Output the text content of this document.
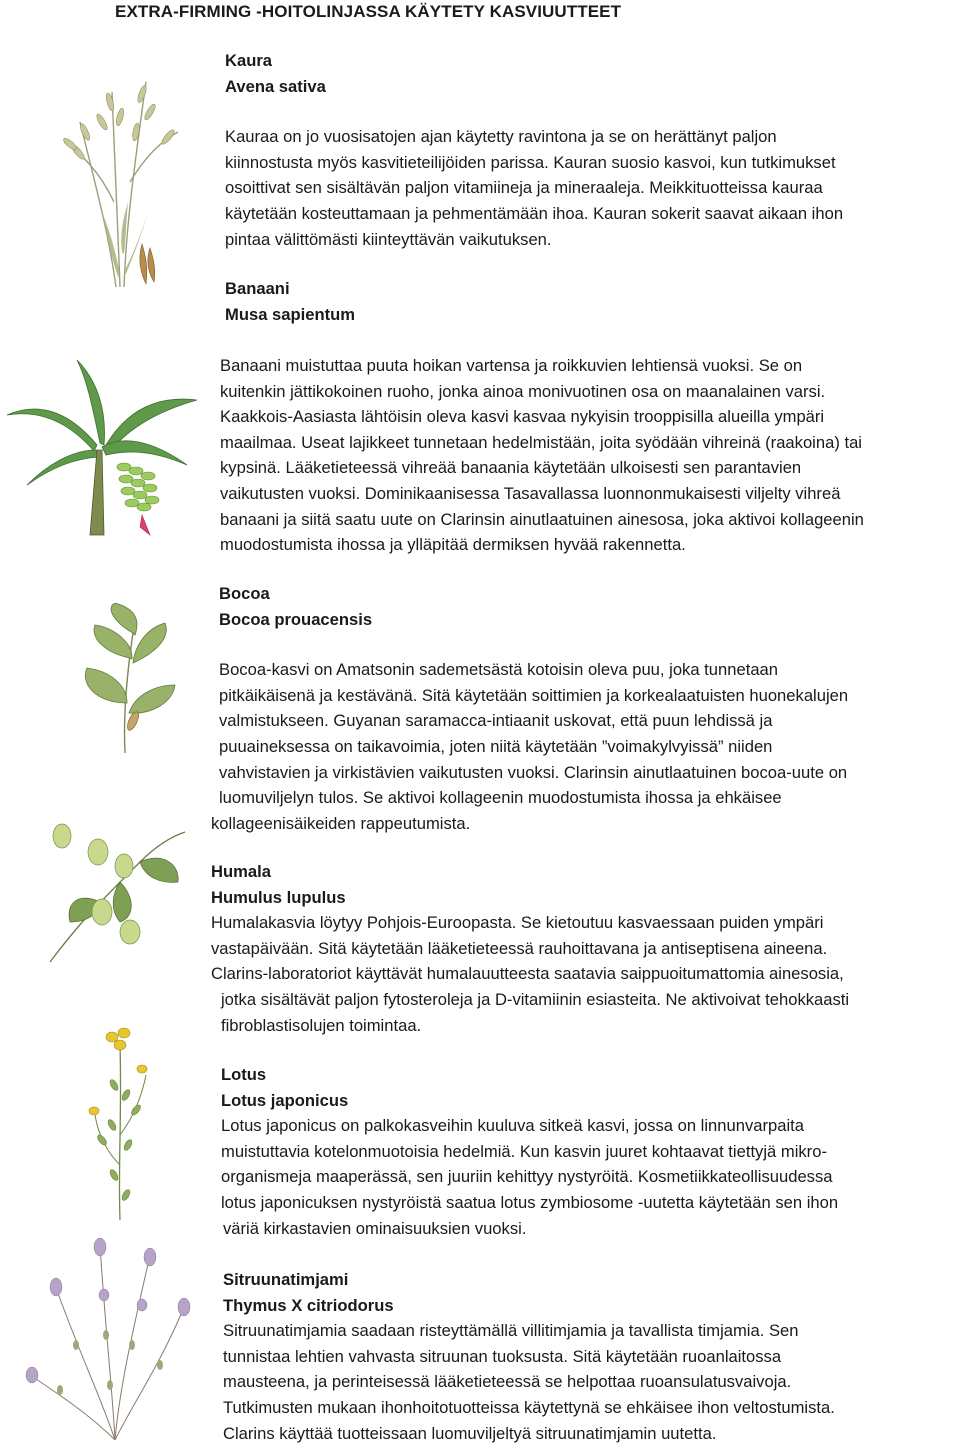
EXTRA-FIRMING -HOITOLINJASSA KÄYTETY KASVIUUTTEET
Kaura
Avena sativa

Kauraa on jo vuosisatojen ajan käytetty ravintona ja se on herättänyt paljon

kiinnostusta myös kasvitieteilijöiden parissa. Kauran suosio kasvoi, kun tutkimukset

osoittivat sen sisältävän paljon vitamiineja ja mineraaleja. Meikkituotteissa kauraa

käytetään kosteuttamaan ja pehmentämään ihoa. Kauran sokerit saavat aikaan ihon

pintaa välittömästi kiinteyttävän vaikutuksen.

Banaani
Musa sapientum

Banaani muistuttaa puuta hoikan vartensa ja roikkuvien lehtiensä vuoksi. Se on

kuitenkin jättikokoinen ruoho, jonka ainoa monivuotinen osa on maanalainen varsi.

Kaakkois-Aasiasta lähtöisin oleva kasvi kasvaa nykyisin trooppisilla alueilla ympäri

maailmaa. Useat lajikkeet tunnetaan hedelmistään, joita syödään vihreinä (raakoina) tai

kypsinä. Lääketieteessä vihreää banaania käytetään ulkoisesti sen parantavien

vaikutusten vuoksi. Dominikaanisessa Tasavallassa luonnonmukaisesti viljelty vihreä

banaani ja siitä saatu uute on Clarinsin ainutlaatuinen ainesosa, joka aktivoi kollageenin

muodostumista ihossa ja ylläpitää dermiksen hyvää rakennetta.

Bocoa
Bocoa prouacensis

Bocoa-kasvi on Amatsonin sademetsästä kotoisin oleva puu, joka tunnetaan

pitkäikäisenä ja kestävänä. Sitä käytetään soittimien ja korkealaatuisten huonekalujen

valmistukseen. Guyanan saramacca-intiaanit uskovat, että puun lehdissä ja

puuaineksessa on taikavoimia, joten niitä käytetään ”voimakylvyissä” niiden

vahvistavien ja virkistävien vaikutusten vuoksi. Clarinsin ainutlaatuinen bocoa-uute on

luomuviljelyn tulos. Se aktivoi kollageenin muodostumista ihossa ja ehkäisee

kollageenisäikeiden rappeutumista.

Humala
Humulus lupulus

Humalakasvia löytyy Pohjois-Euroopasta. Se kietoutuu kasvaessaan puiden ympäri

vastapäivään. Sitä käytetään lääketieteessä rauhoittavana ja antiseptisena aineena.

Clarins-laboratoriot käyttävät humalauutteesta saatavia saippuoitumattomia ainesosia,

jotka sisältävät paljon fytosteroleja ja D-vitamiinin esiasteita. Ne aktivoivat tehokkaasti

fibroblastisolujen toimintaa.

Lotus
Lotus japonicus

Lotus japonicus on palkokasveihin kuuluva sitkeä kasvi, jossa on linnunvarpaita

muistuttavia kotelonmuotoisia hedelmiä. Kun kasvin juuret kohtaavat tiettyjä mikro-

organismeja maaperässä, sen juuriin kehittyy nystyröitä. Kosmetiikkateollisuudessa

lotus japonicuksen nystyröistä saatua lotus zymbiosome -uutetta käytetään sen ihon

väriä kirkastavien ominaisuuksien vuoksi.

Sitruunatimjami
Thymus X citriodorus

Sitruunatimjamia saadaan risteyttämällä villitimjamia ja tavallista timjamia. Sen

tunnistaa lehtien vahvasta sitruunan tuoksusta. Sitä käytetään ruoanlaitossa

mausteena, ja perinteisessä lääketieteessä se helpottaa ruoansulatusvaivoja.

Tutkimusten mukaan ihonhoitotuotteissa käytettynä se ehkäisee ihon veltostumista.

Clarins käyttää tuotteissaan luomuviljeltyä sitruunatimjamin uutetta.
